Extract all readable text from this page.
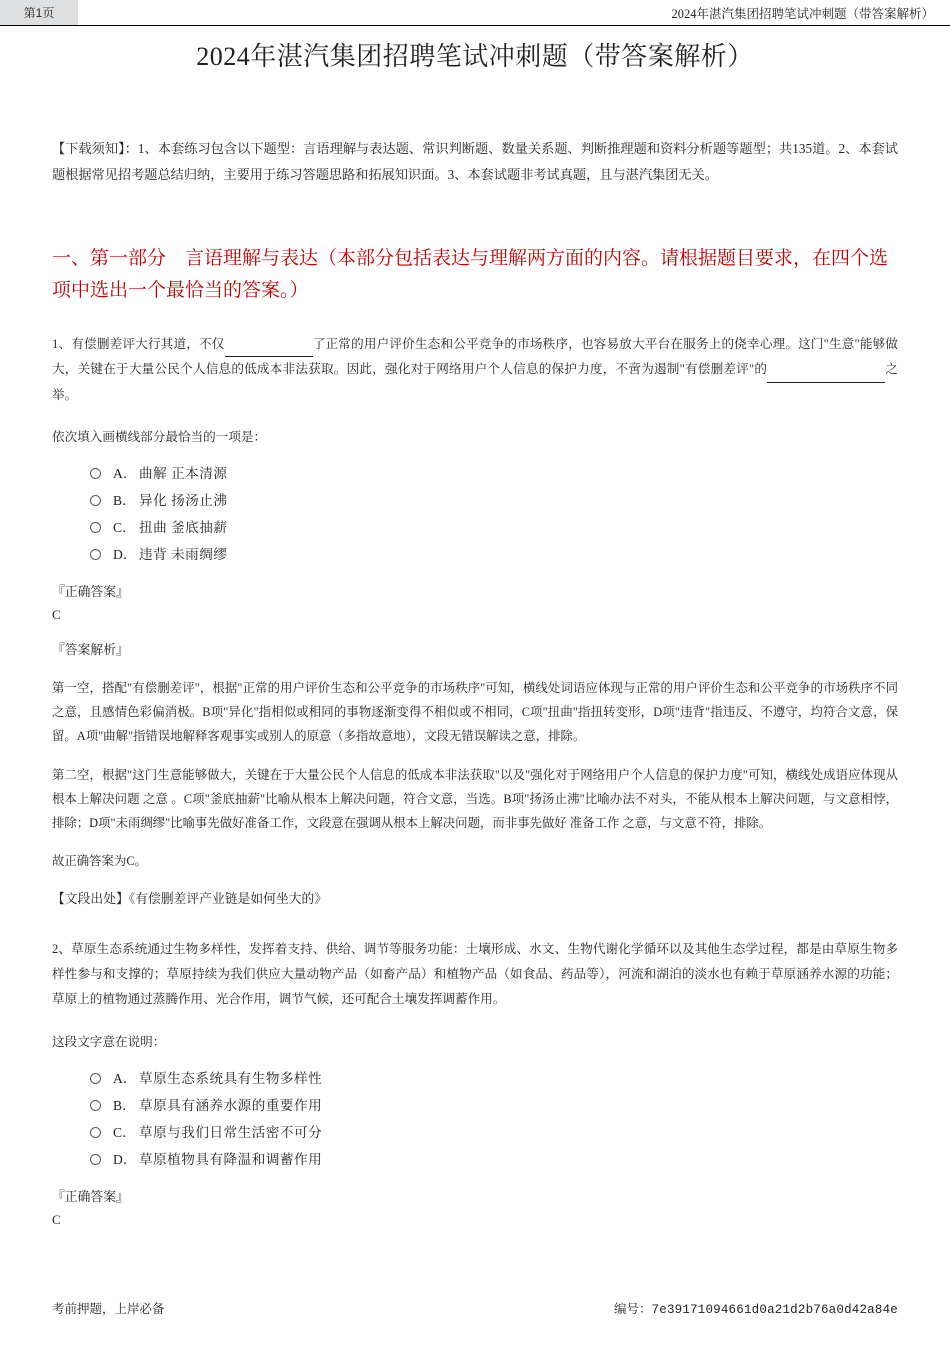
第1页	2024年湛汽集团招聘笔试冲刺题（带答案解析）
2024年湛汽集团招聘笔试冲刺题（带答案解析）
【下载须知】：1、本套练习包含以下题型：言语理解与表达题、常识判断题、数量关系题、判断推理题和资料分析题等题型；共135道。2、本套试题根据常见招考题总结归纳，主要用于练习答题思路和拓展知识面。3、本套试题非考试真题，且与湛汽集团无关。
一、第一部分　言语理解与表达（本部分包括表达与理解两方面的内容。请根据题目要求，在四个选项中选出一个最恰当的答案。）
1、有偿删差评大行其道，不仅	了正常的用户评价生态和公平竞争的市场秩序，也容易放大平台在服务上的侥幸心理。这门"生意"能够做大，关键在于大量公民个人信息的低成本非法获取。因此，强化对于网络用户个人信息的保护力度，不啻为遏制"有偿删差评"的	之举。
依次填入画横线部分最恰当的一项是：
A． 曲解 正本清源
B． 异化 扬汤止沸
C． 扭曲 釜底抽薪
D． 违背 未雨绸缪
『正确答案』
C
『答案解析』
第一空，搭配"有偿删差评"，根据"正常的用户评价生态和公平竞争的市场秩序"可知，横线处词语应体现与正常的用户评价生态和公平竞争的市场秩序不同之意，且感情色彩偏消极。B项"异化"指相似或相同的事物逐渐变得不相似或不相同，C项"扭曲"指扭转变形，D项"违背"指违反、不遵守，均符合文意，保留。A项"曲解"指错误地解释客观事实或别人的原意（多指故意地），文段无错误解读之意，排除。
第二空，根据"这门生意能够做大，关键在于大量公民个人信息的低成本非法获取"以及"强化对于网络用户个人信息的保护力度"可知，横线处成语应体现从根本上解决问题 之意 。C项"釜底抽薪"比喻从根本上解决问题，符合文意，当选。B项"扬汤止沸"比喻办法不对头，不能从根本上解决问题，与文意相悖，排除；D项"未雨绸缪"比喻事先做好准备工作，文段意在强调从根本上解决问题，而非事先做好 准备工作 之意，与文意不符，排除。
故正确答案为C。
【文段出处】《有偿删差评产业链是如何坐大的》
2、草原生态系统通过生物多样性，发挥着支持、供给、调节等服务功能：土壤形成、水文、生物代谢化学循环以及其他生态学过程，都是由草原生物多样性参与和支撑的；草原持续为我们供应大量动物产品（如畜产品）和植物产品（如食品、药品等），河流和湖泊的淡水也有赖于草原涵养水源的功能；草原上的植物通过蒸腾作用、光合作用，调节气候，还可配合土壤发挥调蓄作用。
这段文字意在说明：
A． 草原生态系统具有生物多样性
B． 草原具有涵养水源的重要作用
C． 草原与我们日常生活密不可分
D． 草原植物具有降温和调蓄作用
『正确答案』
C
考前押题，上岸必备	编号：7e39171094661d0a21d2b76a0d42a84e
